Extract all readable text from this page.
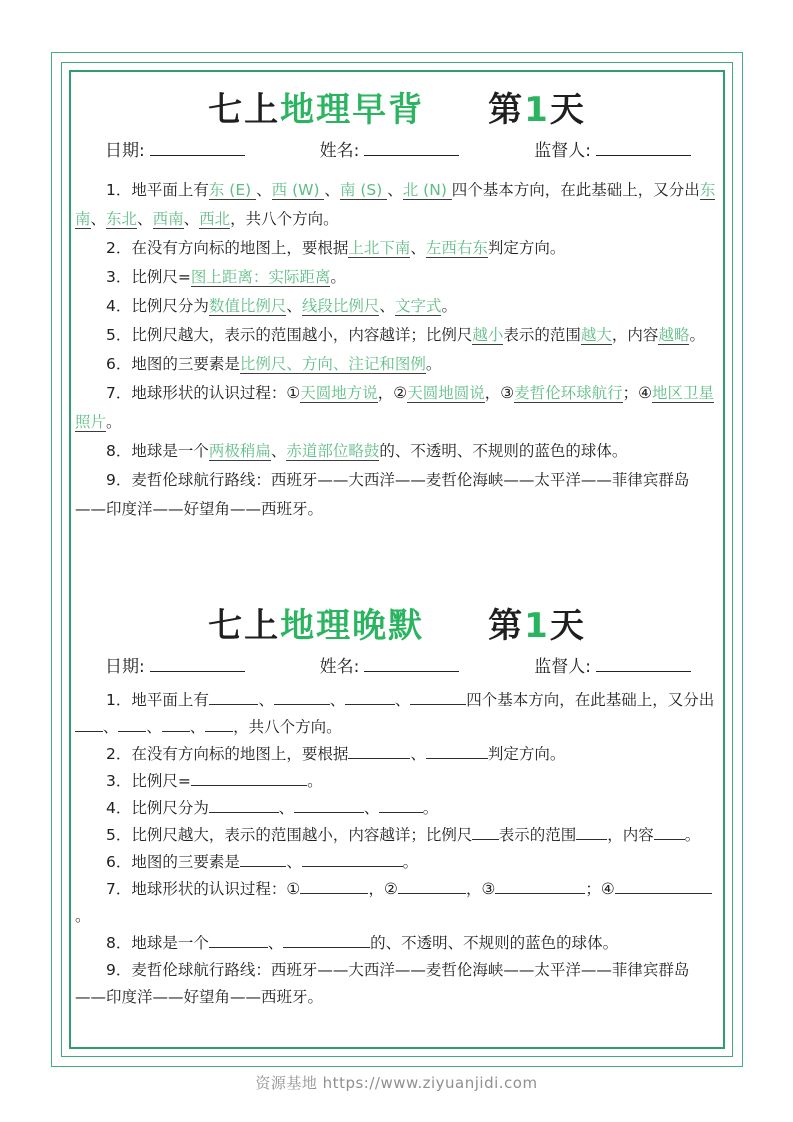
七上地理早背 第1天
日期:	姓名:	监督人:

1．地平面上有东 (E) 、西 (W) 、南 (S) 、北 (N) 四个基本方向，在此基础上，又分出东南、东北、西南、西北，共八个方向。

2．在没有方向标的地图上，要根据上北下南、左西右东判定方向。

3．比例尺=图上距离：实际距离。

4．比例尺分为数值比例尺、线段比例尺、文字式。

5．比例尺越大，表示的范围越小，内容越详；比例尺越小表示的范围越大，内容越略。

6．地图的三要素是比例尺、方向、注记和图例。

7．地球形状的认识过程：①天圆地方说，②天圆地圆说，③麦哲伦环球航行；④地区卫星照片。

8．地球是一个两极稍扁、赤道部位略鼓的、不透明、不规则的蓝色的球体。

9．麦哲伦球航行路线：西班牙——大西洋——麦哲伦海峡——太平洋——菲律宾群岛——印度洋——好望角——西班牙。

七上地理晚默 第1天
日期:	姓名:	监督人:

1．地平面上有	、	、	、	四个基本方向，在此基础上，又分出、 、 、 ，共八个方向。

2．在没有方向标的地图上，要根据	、	判定方向。

3．比例尺=	。

4．比例尺分为	、	、	。

5．比例尺越大，表示的范围越小，内容越详；比例尺 表示的范围 ，内容 。

6．地图的三要素是	、	。

7．地球形状的认识过程：①	，②	，③	；④。

8．地球是一个	、	的、不透明、不规则的蓝色的球体。

9．麦哲伦球航行路线：西班牙——大西洋——麦哲伦海峡——太平洋——菲律宾群岛——印度洋——好望角——西班牙。

资源基地 https://www.ziyuanjidi.com
